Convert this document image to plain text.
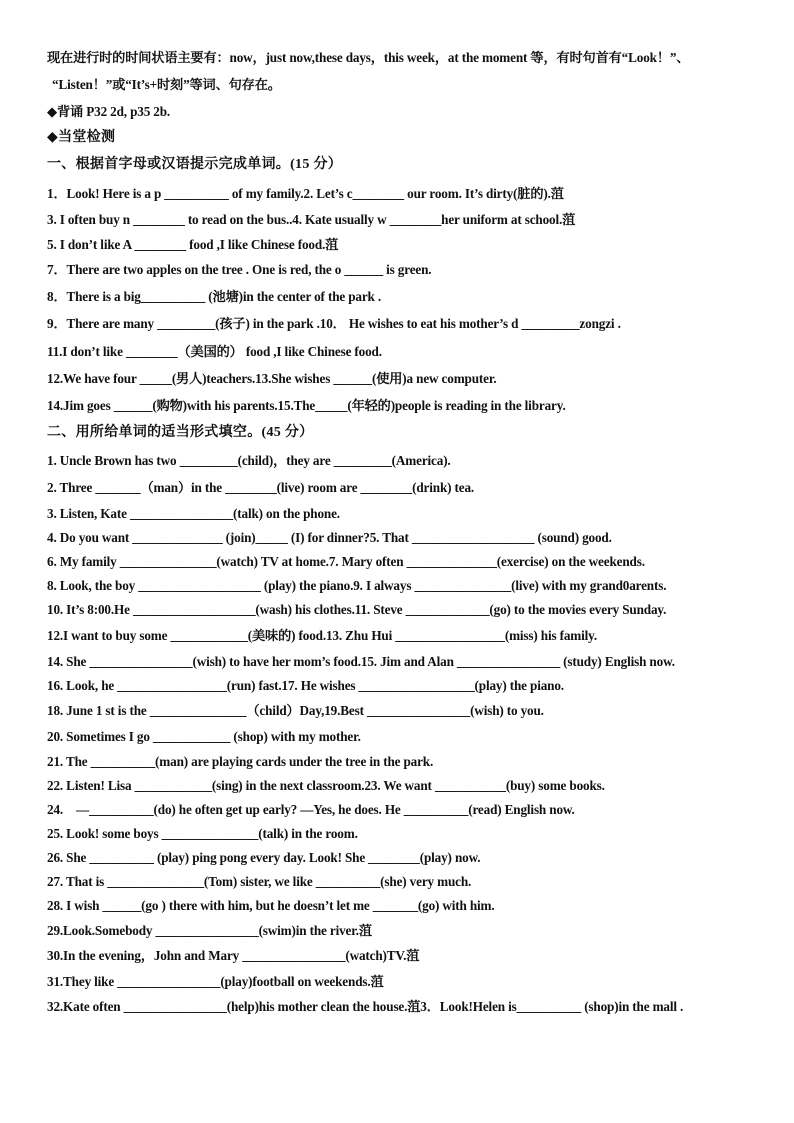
现在进行时的时间状语主要有：now，just now,these days，this week，at the moment 等，有时句首有“Look！”、
“Listen！”或“It’s+时刻”等词、句存在。
◆背诵 P32 2d, p35 2b.
◆当堂检测
一、根据首字母或汉语提示完成单词。(15 分）
1．Look! Here is a p __________ of my family.2. Let’s c________ our room. It’s dirty(脏的).菹
3. I often buy n ________ to read on the bus..4. Kate usually w ________her uniform at school.菹
5. I don’t like A ________ food ,I like Chinese food.菹
7．There are two apples on the tree . One is red, the o ______ is green.
8．There is a big__________ (池塘)in the center of the park .
9．There are many _________(孩子) in the park .10． He wishes to eat his mother’s d _________zongzi .
11.I don’t like ________（美国的） food ,I like Chinese food.
12.We have four _____(男人)teachers.13.She wishes ______(使用)a new computer.
14.Jim goes ______(购物)with his parents.15.The_____(年轻的)people is reading in the library.
二、用所给单词的适当形式填空。(45 分）
1. Uncle Brown has two _________(child)，they are _________(America).
2. Three _______（man）in the ________(live) room are ________(drink) tea.
3. Listen, Kate ________________(talk) on the phone.
4. Do you want ______________ (join)_____ (I) for dinner?5. That ___________________ (sound) good.
6. My family _______________(watch) TV at home.7. Mary often ______________(exercise) on the weekends.
8. Look, the boy ___________________ (play) the piano.9. I always _______________(live) with my grand0arents.
10. It’s 8:00.He ___________________(wash) his clothes.11. Steve _____________(go) to the movies every Sunday.
12.I want to buy some ____________(美味的) food.13. Zhu Hui _________________(miss) his family.
14. She ________________(wish) to have her mom’s food.15. Jim and Alan ________________ (study) English now.
16. Look, he _________________(run) fast.17. He wishes __________________(play) the piano.
18. June 1 st is the _______________（child）Day,19.Best ________________(wish) to you.
20. Sometimes I go ____________ (shop) with my mother.
21. The __________(man) are playing cards under the tree in the park.
22. Listen! Lisa ____________(sing) in the next classroom.23. We want ___________(buy) some books.
24.　—__________(do) he often get up early? —Yes, he does. He __________(read) English now.
25. Look! some boys _______________(talk) in the room.
26. She __________ (play) ping pong every day. Look! She ________(play) now.
27. That is _______________(Tom) sister, we like __________(she) very much.
28. I wish ______(go ) there with him, but he doesn’t let me _______(go) with him.
29.Look.Somebody ________________(swim)in the river.菹
30.In the evening，John and Mary ________________(watch)TV.菹
31.They like ________________(play)football on weekends.菹
32.Kate often ________________(help)his mother clean the house.菹3．Look!Helen is__________ (shop)in the mall .
